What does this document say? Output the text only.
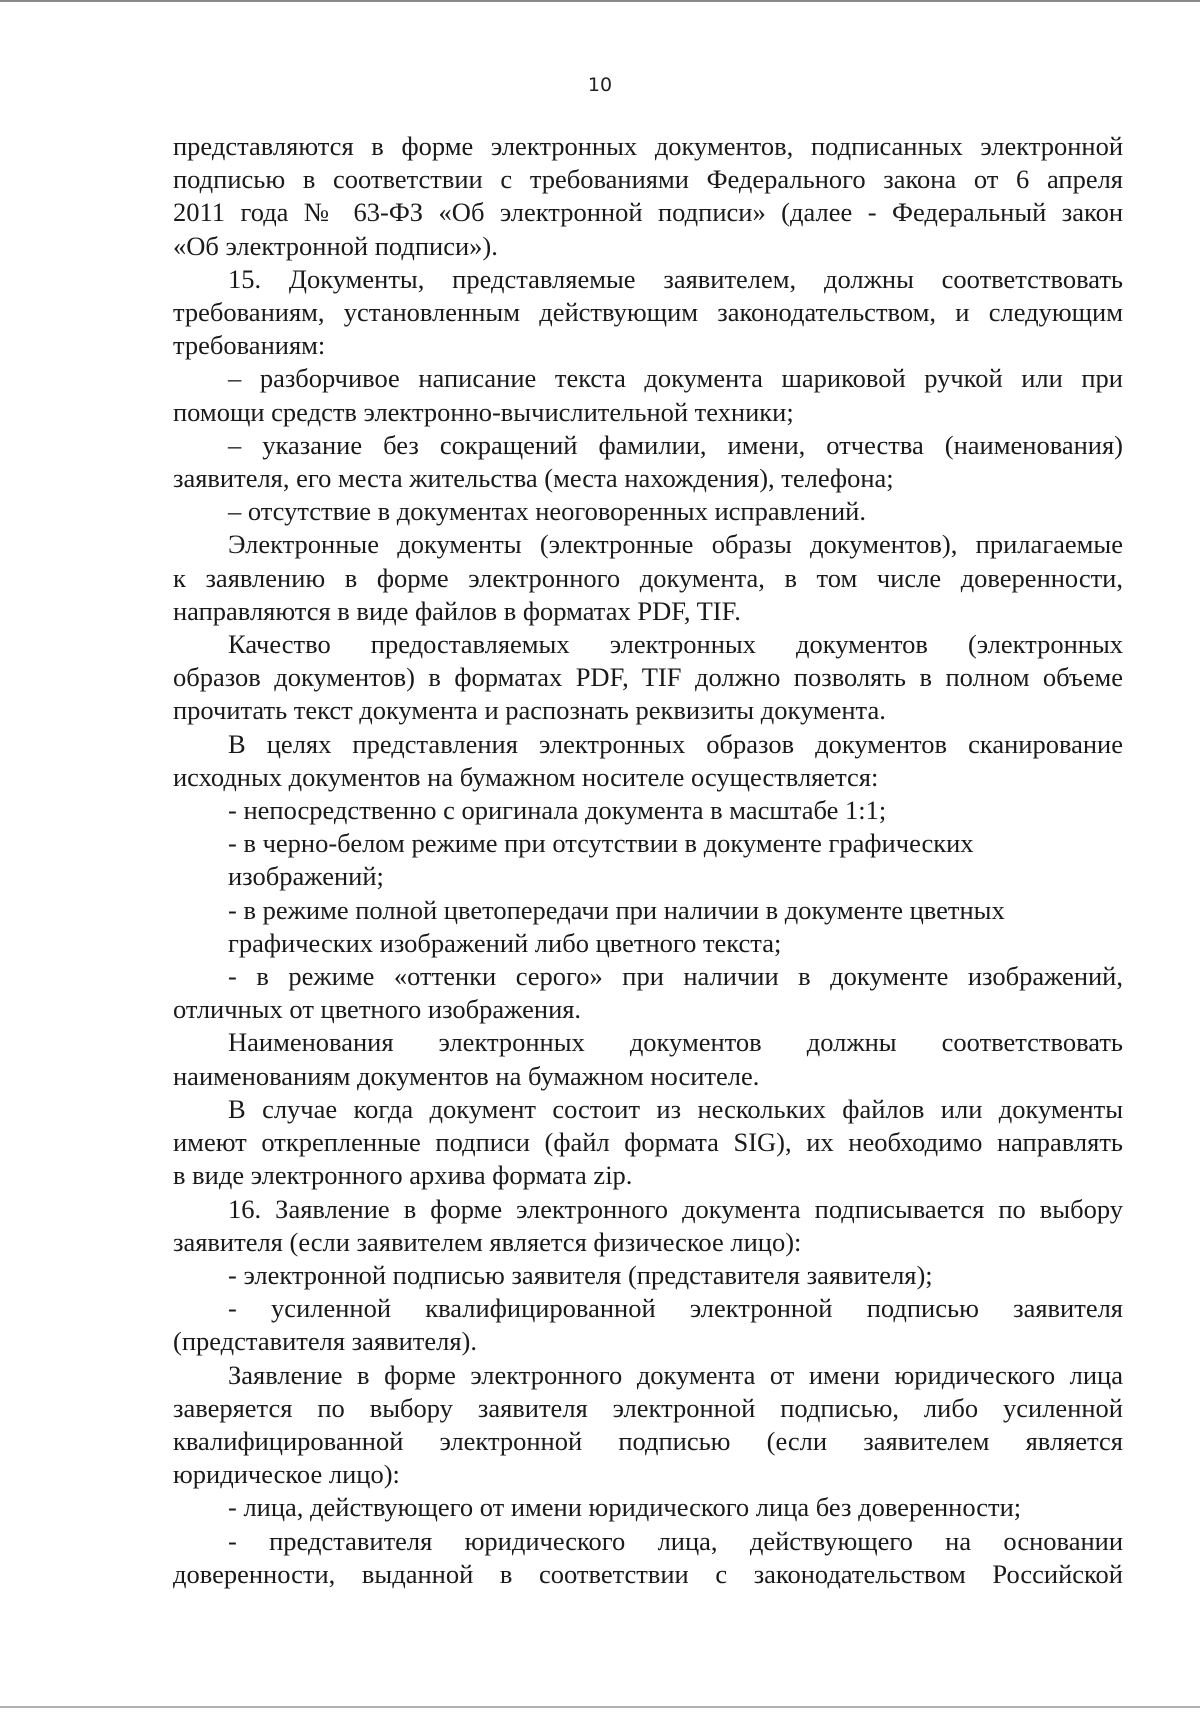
10
представляются в форме электронных документов, подписанных электронной
подписью в соответствии с требованиями Федерального закона от 6 апреля
2011 года № 63-ФЗ «Об электронной подписи» (далее - Федеральный закон
«Об электронной подписи»).
15. Документы, представляемые заявителем, должны соответствовать
требованиям, установленным действующим законодательством, и следующим
требованиям:
– разборчивое написание текста документа шариковой ручкой или при
помощи средств электронно-вычислительной техники;
– указание без сокращений фамилии, имени, отчества (наименования)
заявителя, его места жительства (места нахождения), телефона;
– отсутствие в документах неоговоренных исправлений.
Электронные документы (электронные образы документов), прилагаемые
к заявлению в форме электронного документа, в том числе доверенности,
направляются в виде файлов в форматах PDF, TIF.
Качество предоставляемых электронных документов (электронных
образов документов) в форматах PDF, TIF должно позволять в полном объеме
прочитать текст документа и распознать реквизиты документа.
В целях представления электронных образов документов сканирование
исходных документов на бумажном носителе осуществляется:
- непосредственно с оригинала документа в масштабе 1:1;
- в черно-белом режиме при отсутствии в документе графических
изображений;
- в режиме полной цветопередачи при наличии в документе цветных
графических изображений либо цветного текста;
- в режиме «оттенки серого» при наличии в документе изображений,
отличных от цветного изображения.
Наименования электронных документов должны соответствовать
наименованиям документов на бумажном носителе.
В случае когда документ состоит из нескольких файлов или документы
имеют открепленные подписи (файл формата SIG), их необходимо направлять
в виде электронного архива формата zip.
16. Заявление в форме электронного документа подписывается по выбору
заявителя (если заявителем является физическое лицо):
- электронной подписью заявителя (представителя заявителя);
- усиленной квалифицированной электронной подписью заявителя
(представителя заявителя).
Заявление в форме электронного документа от имени юридического лица
заверяется по выбору заявителя электронной подписью, либо усиленной
квалифицированной электронной подписью (если заявителем является
юридическое лицо):
- лица, действующего от имени юридического лица без доверенности;
- представителя юридического лица, действующего на основании
доверенности, выданной в соответствии с законодательством Российской
